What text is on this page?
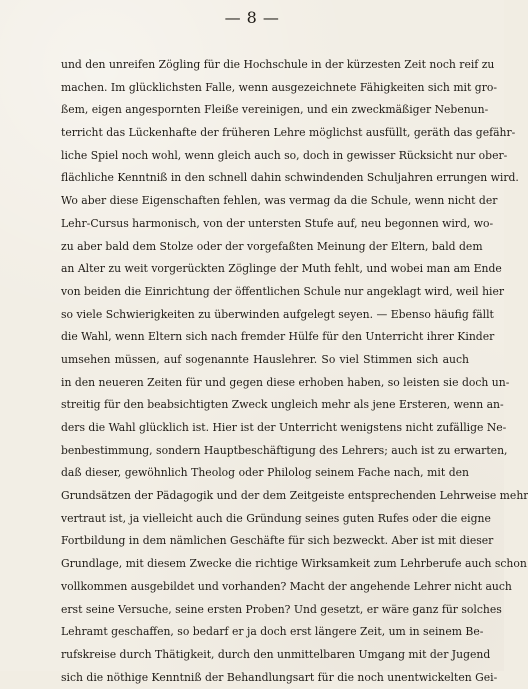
— 8 —
und den unreifen Zögling für die Hochschule in der kürzesten Zeit noch reif zu
machen. Im glücklichsten Falle, wenn ausgezeichnete Fähigkeiten sich mit gro-
ßem, eigen angespornten Fleiße vereinigen, und ein zweckmäßiger Nebenun-
terricht das Lückenhafte der früheren Lehre möglichst ausfüllt, geräth das gefähr-
liche Spiel noch wohl, wenn gleich auch so, doch in gewisser Rücksicht nur ober-
flächliche Kenntniß in den schnell dahin schwindenden Schuljahren errungen wird.
Wo aber diese Eigenschaften fehlen, was vermag da die Schule, wenn nicht der
Lehr-Cursus harmonisch, von der untersten Stufe auf, neu begonnen wird, wo-
zu aber bald dem Stolze oder der vorgefaßten Meinung der Eltern, bald dem
an Alter zu weit vorgerückten Zöglinge der Muth fehlt, und wobei man am Ende
von beiden die Einrichtung der öffentlichen Schule nur angeklagt wird, weil hier
so viele Schwierigkeiten zu überwinden aufgelegt seyen. — Ebenso häufig fällt
die Wahl, wenn Eltern sich nach fremder Hülfe für den Unterricht ihrer Kinder
umsehen müssen, auf sogenannte Hauslehrer. So viel Stimmen sich auch
in den neueren Zeiten für und gegen diese erhoben haben, so leisten sie doch un-
streitig für den beabsichtigten Zweck ungleich mehr als jene Ersteren, wenn an-
ders die Wahl glücklich ist. Hier ist der Unterricht wenigstens nicht zufällige Ne-
benbestimmung, sondern Hauptbeschäftigung des Lehrers; auch ist zu erwarten,
daß dieser, gewöhnlich Theolog oder Philolog seinem Fache nach, mit den
Grundsätzen der Pädagogik und der dem Zeitgeiste entsprechenden Lehrweise mehr
vertraut ist, ja vielleicht auch die Gründung seines guten Rufes oder die eigne
Fortbildung in dem nämlichen Geschäfte für sich bezweckt. Aber ist mit dieser
Grundlage, mit diesem Zwecke die richtige Wirksamkeit zum Lehrberufe auch schon
vollkommen ausgebildet und vorhanden? Macht der angehende Lehrer nicht auch
erst seine Versuche, seine ersten Proben? Und gesetzt, er wäre ganz für solches
Lehramt geschaffen, so bedarf er ja doch erst längere Zeit, um in seinem Be-
rufskreise durch Thätigkeit, durch den unmittelbaren Umgang mit der Jugend
sich die nöthige Kenntniß der Behandlungsart für die noch unentwickelten Gei-
